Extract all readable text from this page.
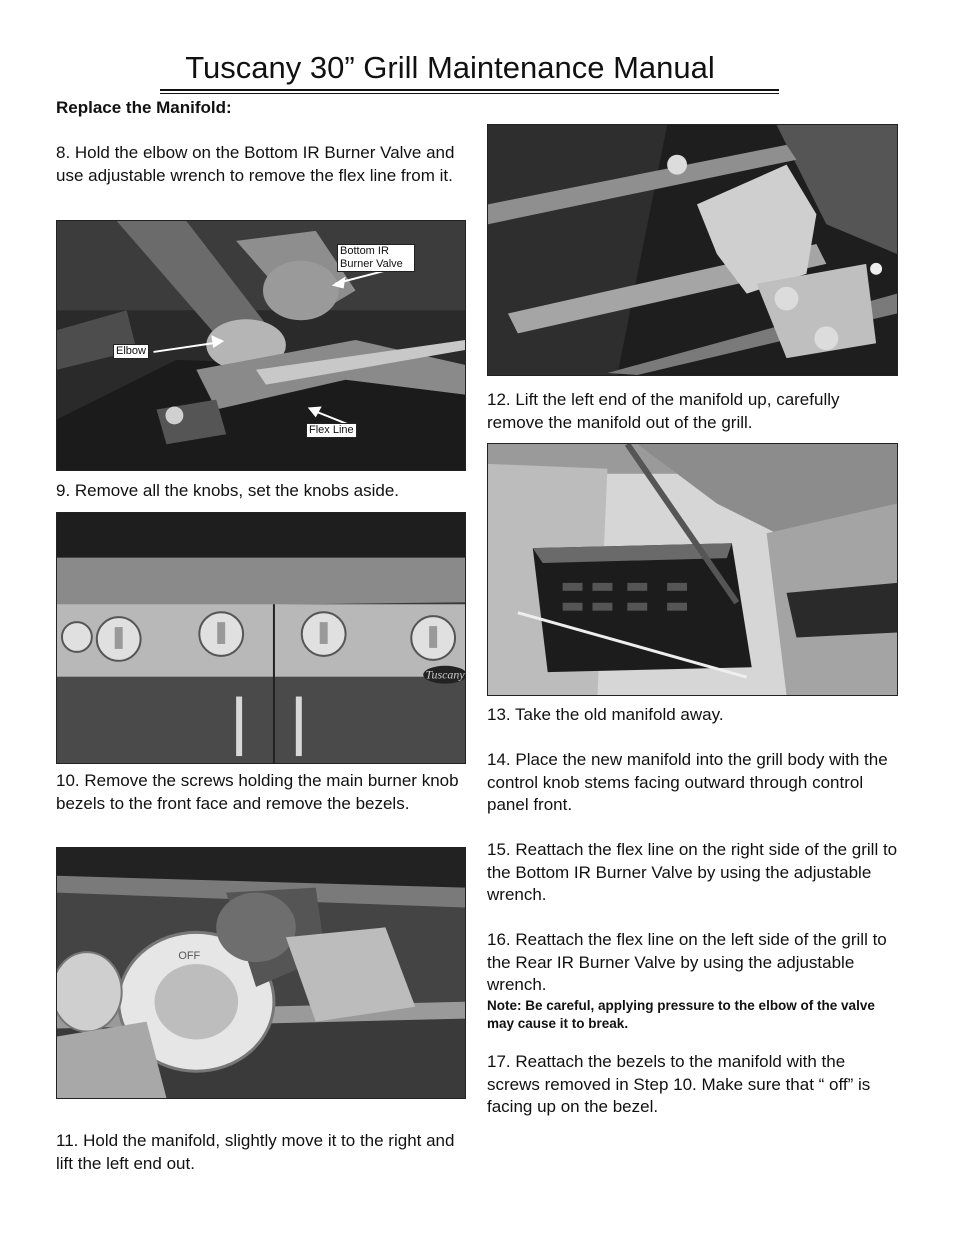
Tuscany 30” Grill Maintenance Manual
Replace the Manifold:
8. Hold the elbow on the Bottom IR Burner Valve and use adjustable wrench to remove the flex line from it.
Bottom IR Burner Valve
Elbow
Flex Line
9. Remove all the knobs, set the knobs aside.
Tuscany
10. Remove the screws holding the main burner knob bezels to the front face and remove the bezels.
OFF
11. Hold the manifold, slightly move it to the right and lift the left end out.
12. Lift the left end of the manifold up, carefully remove the manifold out of the grill.
13. Take the old manifold away.
14. Place the new manifold into the grill body with the control knob stems facing outward through control panel front.
15. Reattach the flex line on the right side of the grill to the Bottom IR Burner Valve by using the adjustable wrench.
16. Reattach the flex line on the left side of the grill to the Rear IR Burner Valve by using the adjustable wrench.
Note: Be careful, applying pressure to the elbow of the valve may cause it to break.
17. Reattach the bezels to the manifold with the screws removed in Step 10. Make sure that “ off” is facing up on the bezel.
